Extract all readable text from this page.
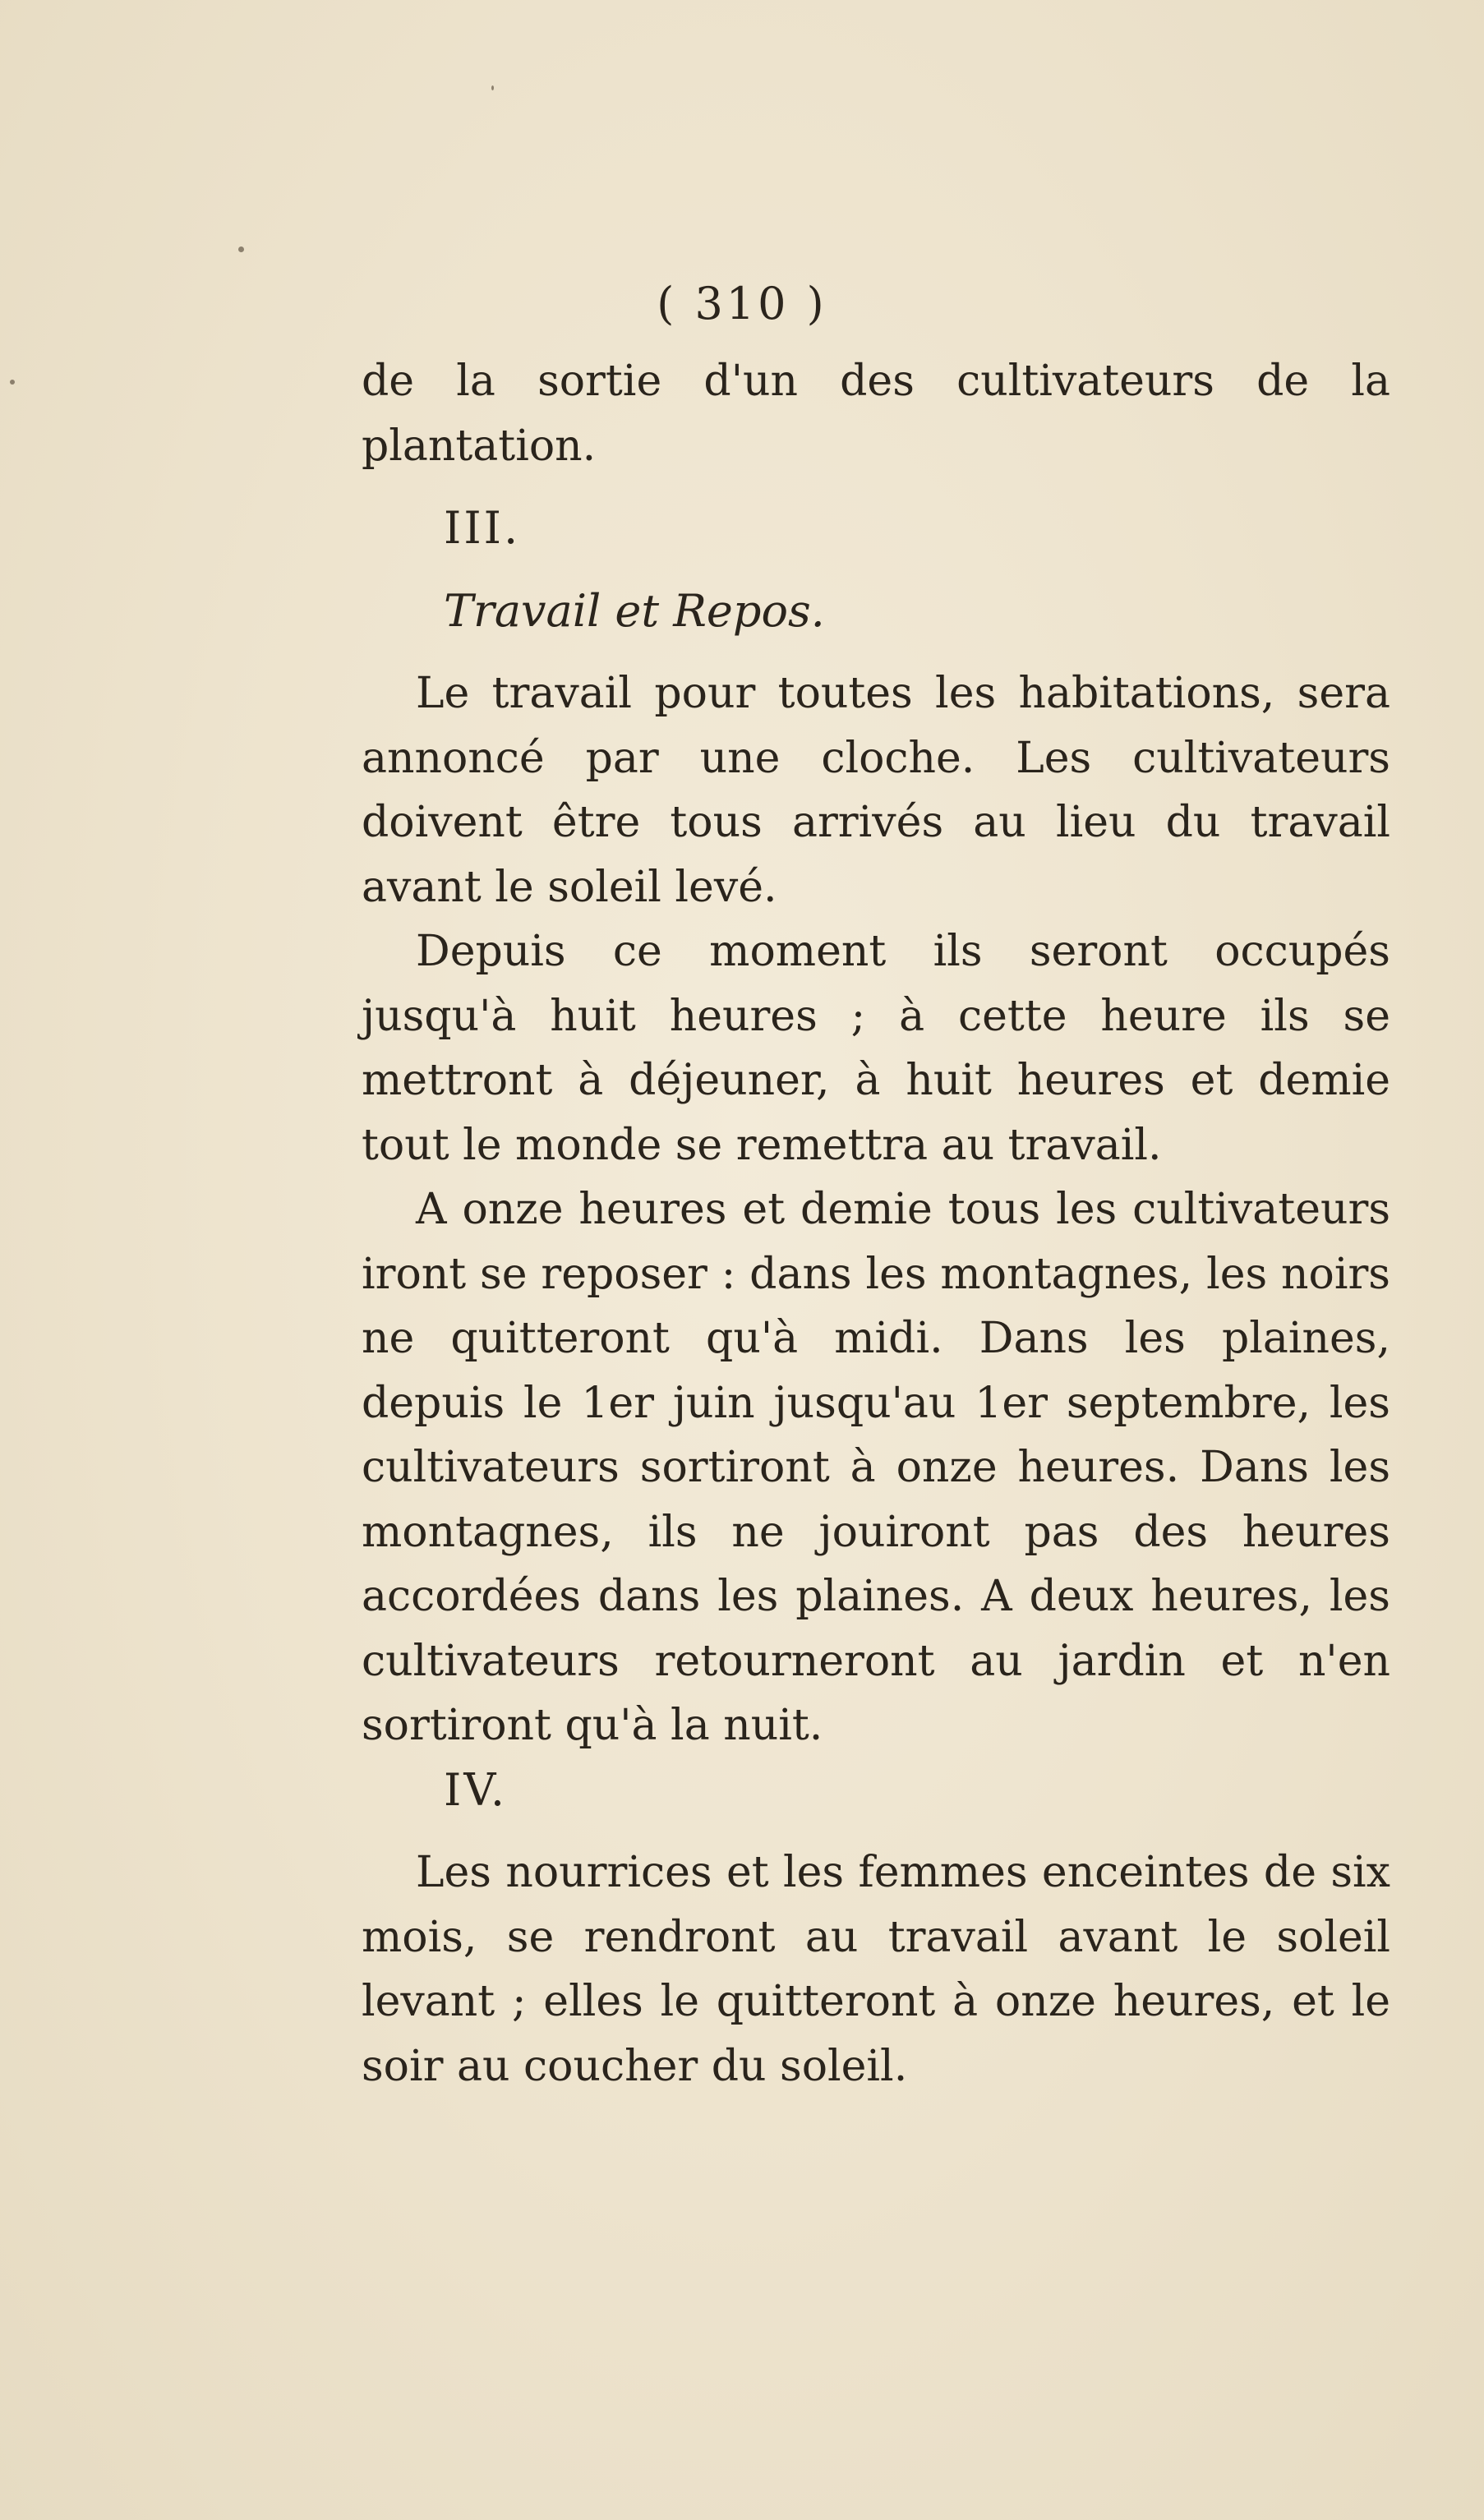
( 310 )

de la sortie d'un des cultivateurs de la plantation.

III.

Travail et Repos.

Le travail pour toutes les habitations, sera annoncé par une cloche. Les cultivateurs doivent être tous arrivés au lieu du travail avant le soleil levé.

Depuis ce moment ils seront occupés jusqu'à huit heures ; à cette heure ils se mettront à déjeuner, à huit heures et demie tout le monde se remettra au travail.

A onze heures et demie tous les cultivateurs iront se reposer : dans les montagnes, les noirs ne quitteront qu'à midi. Dans les plaines, depuis le 1er juin jusqu'au 1er septembre, les cultivateurs sortiront à onze heures. Dans les montagnes, ils ne jouiront pas des heures accordées dans les plaines. A deux heures, les cultivateurs retourneront au jardin et n'en sortiront qu'à la nuit.

IV.

Les nourrices et les femmes enceintes de six mois, se rendront au travail avant le soleil levant ; elles le quitteront à onze heures, et le soir au coucher du soleil.
